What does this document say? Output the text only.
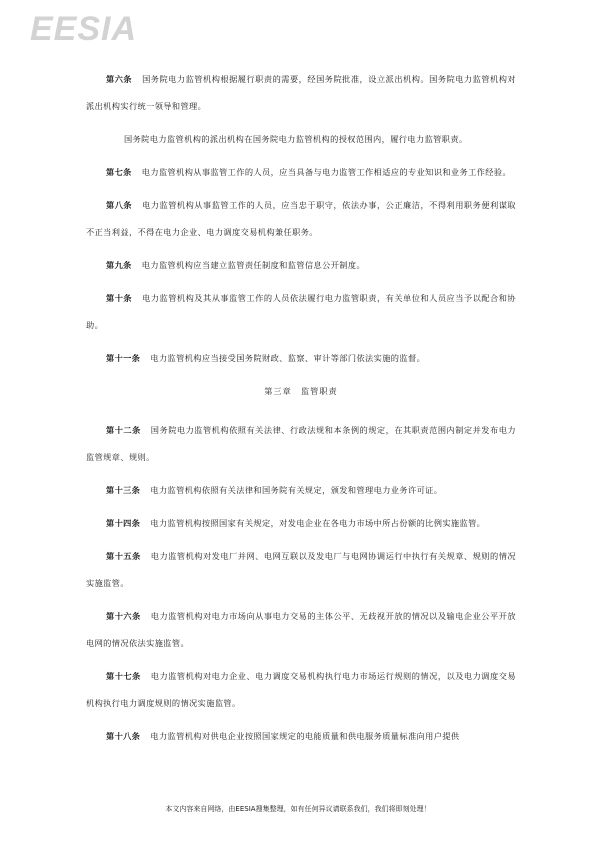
EESIA

第六条 国务院电力监管机构根据履行职责的需要，经国务院批准，设立派出机构。国务院电力监管机构对派出机构实行统一领导和管理。

国务院电力监管机构的派出机构在国务院电力监管机构的授权范围内，履行电力监管职责。

第七条 电力监管机构从事监管工作的人员，应当具备与电力监管工作相适应的专业知识和业务工作经验。

第八条 电力监管机构从事监管工作的人员，应当忠于职守，依法办事，公正廉洁，不得利用职务便利谋取不正当利益，不得在电力企业、电力调度交易机构兼任职务。

第九条 电力监管机构应当建立监管责任制度和监管信息公开制度。

第十条 电力监管机构及其从事监管工作的人员依法履行电力监管职责，有关单位和人员应当予以配合和协助。

第十一条 电力监管机构应当接受国务院财政、监察、审计等部门依法实施的监督。

第三章　监管职责

第十二条 国务院电力监管机构依照有关法律、行政法规和本条例的规定，在其职责范围内制定并发布电力监管规章、规则。

第十三条 电力监管机构依照有关法律和国务院有关规定，颁发和管理电力业务许可证。

第十四条 电力监管机构按照国家有关规定，对发电企业在各电力市场中所占份额的比例实施监管。

第十五条 电力监管机构对发电厂并网、电网互联以及发电厂与电网协调运行中执行有关规章、规则的情况实施监管。

第十六条 电力监管机构对电力市场向从事电力交易的主体公平、无歧视开放的情况以及输电企业公平开放电网的情况依法实施监管。

第十七条 电力监管机构对电力企业、电力调度交易机构执行电力市场运行规则的情况，以及电力调度交易机构执行电力调度规则的情况实施监管。

第十八条 电力监管机构对供电企业按照国家规定的电能质量和供电服务质量标准向用户提供

本文内容来自网络，由EESIA搜集整理，如有任何异议请联系我们，我们将即刻处理！
